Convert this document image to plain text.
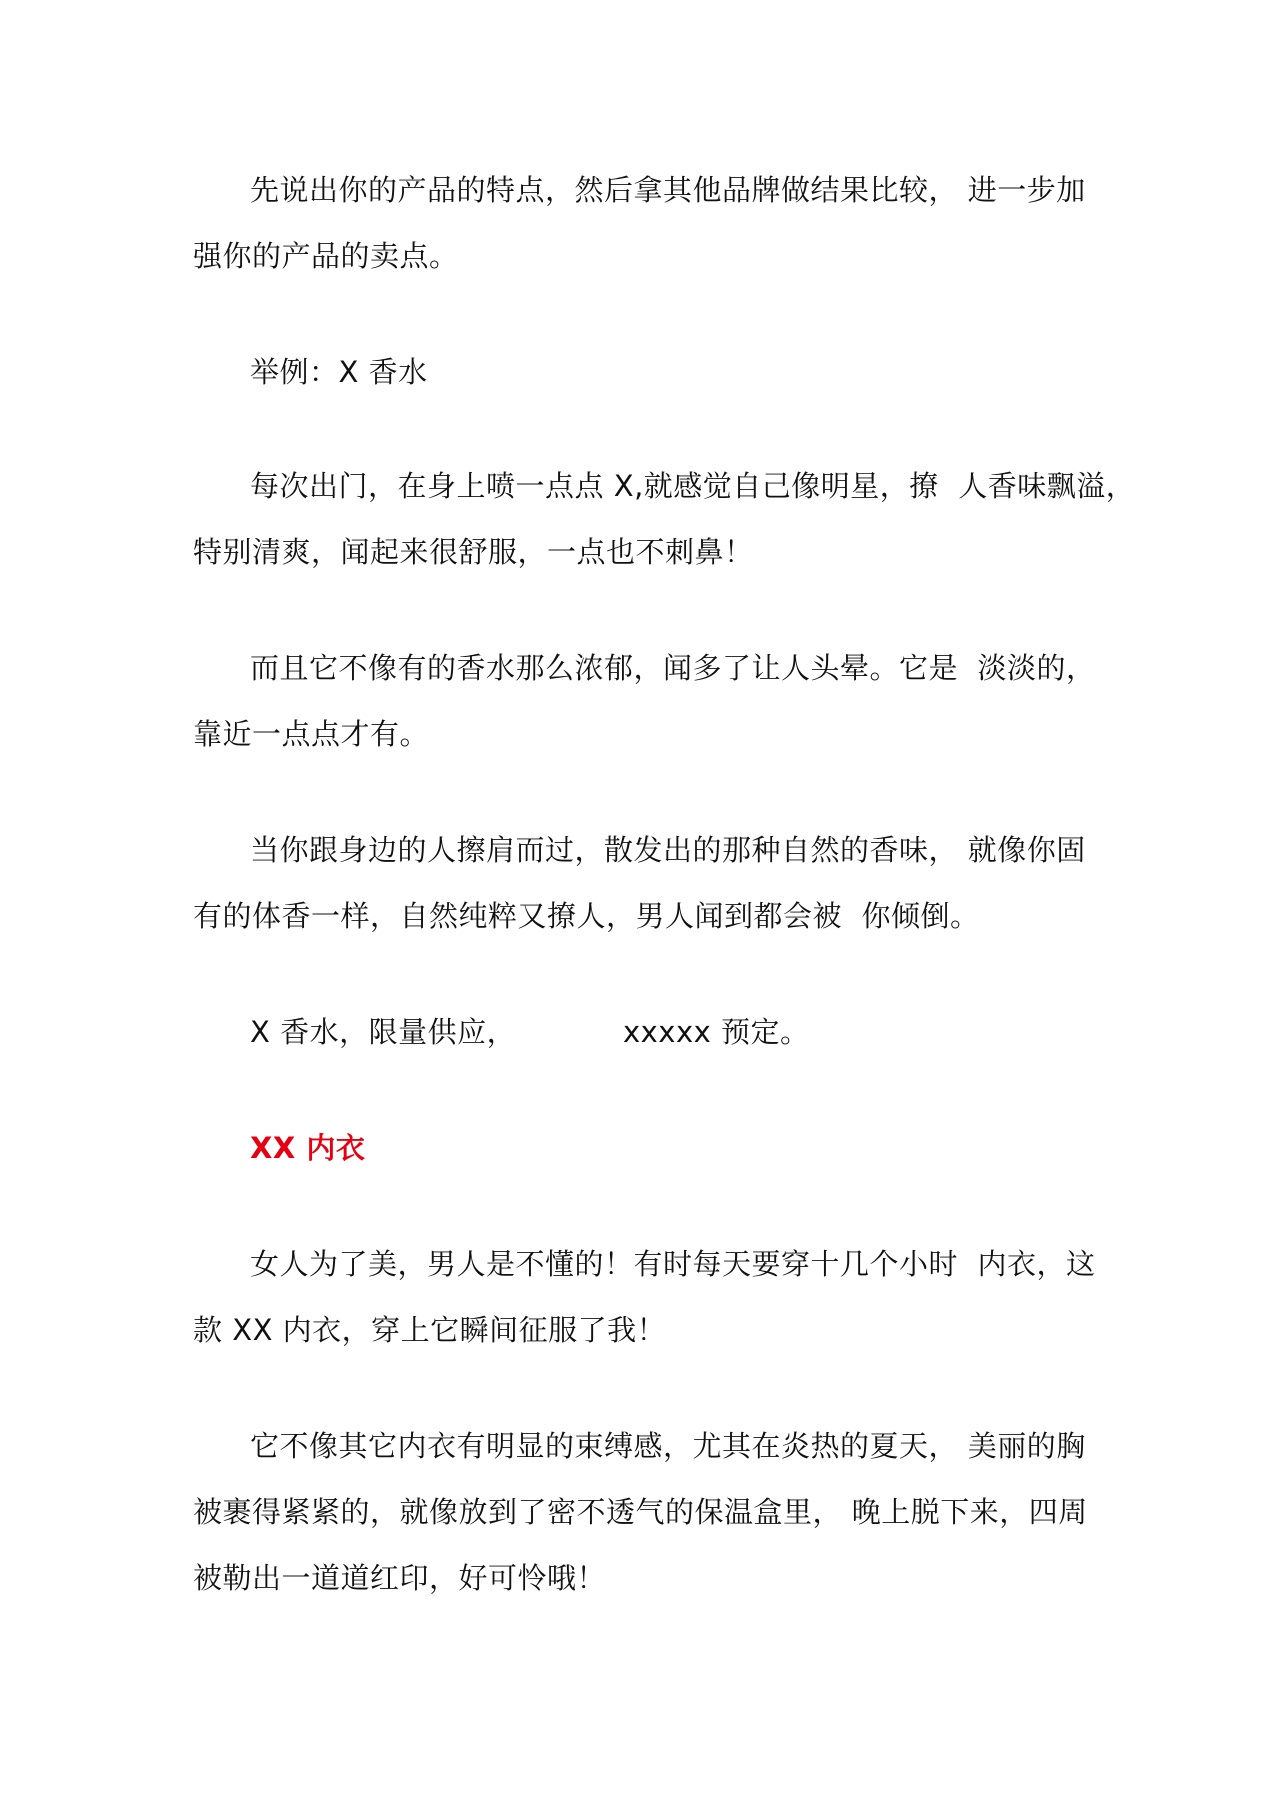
先说出你的产品的特点，然后拿其他品牌做结果比较， 进一步加
强你的产品的卖点。
举例：X 香水
每次出门，在身上喷一点点 X,就感觉自己像明星，撩  人香味飘溢，
特别清爽，闻起来很舒服，一点也不刺鼻！
而且它不像有的香水那么浓郁，闻多了让人头晕。它是  淡淡的，
靠近一点点才有。
当你跟身边的人擦肩而过，散发出的那种自然的香味， 就像你固
有的体香一样，自然纯粹又撩人，男人闻到都会被  你倾倒。
X 香水，限量供应，           xxxxx 预定。
XX 内衣
女人为了美，男人是不懂的！有时每天要穿十几个小时  内衣，这
款 XX 内衣，穿上它瞬间征服了我！
它不像其它内衣有明显的束缚感，尤其在炎热的夏天， 美丽的胸
被裹得紧紧的，就像放到了密不透气的保温盒里， 晚上脱下来，四周
被勒出一道道红印，好可怜哦！
